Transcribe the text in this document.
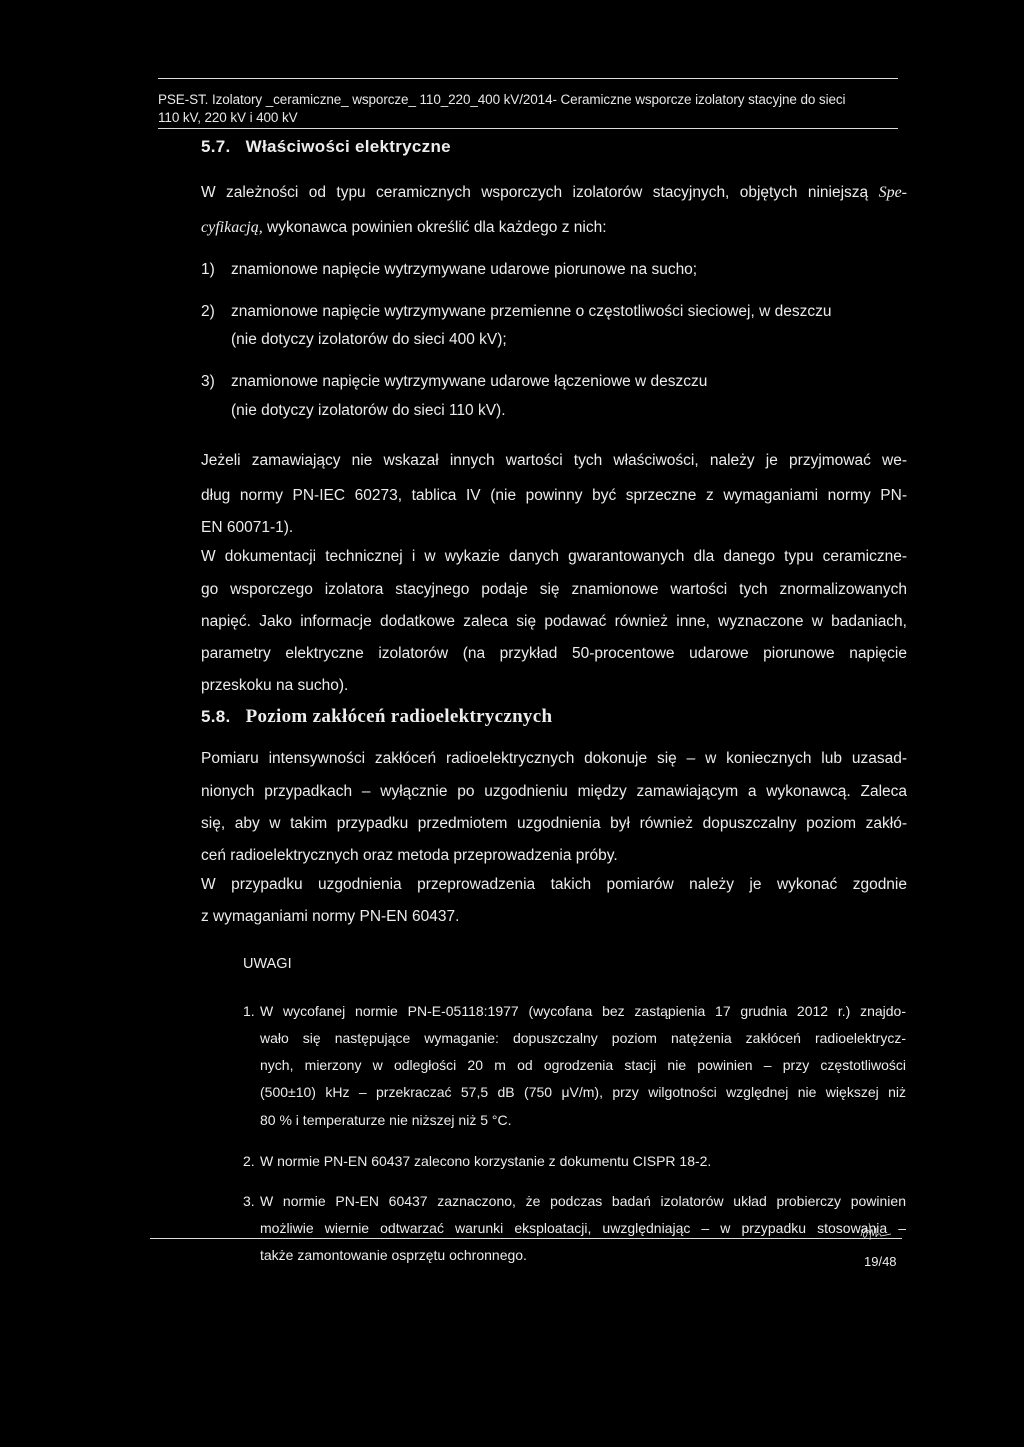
PSE-ST. Izolatory _ceramiczne_ wsporcze_ 110_220_400 kV/2014- Ceramiczne wsporcze izolatory stacyjne do sieci
110 kV, 220 kV i 400 kV
5.7. Właściwości elektryczne
W zależności od typu ceramicznych wsporczych izolatorów stacyjnych, objętych niniejszą Spe-
cyfikacją, wykonawca powinien określić dla każdego z nich:
1) znamionowe napięcie wytrzymywane udarowe piorunowe na sucho;
2) znamionowe napięcie wytrzymywane przemienne o częstotliwości sieciowej, w deszczu
(nie dotyczy izolatorów do sieci 400 kV);
3) znamionowe napięcie wytrzymywane udarowe łączeniowe w deszczu
(nie dotyczy izolatorów do sieci 110 kV).
Jeżeli zamawiający nie wskazał innych wartości tych właściwości, należy je przyjmować we-
dług normy PN-IEC 60273, tablica IV (nie powinny być sprzeczne z wymaganiami normy PN-
EN 60071-1).
W dokumentacji technicznej i w wykazie danych gwarantowanych dla danego typu ceramiczne-
go wsporczego izolatora stacyjnego podaje się znamionowe wartości tych znormalizowanych
napięć. Jako informacje dodatkowe zaleca się podawać również inne, wyznaczone w badaniach,
parametry elektryczne izolatorów (na przykład 50-procentowe udarowe piorunowe napięcie
przeskoku na sucho).
5.8. Poziom zakłóceń radioelektrycznych
Pomiaru intensywności zakłóceń radioelektrycznych dokonuje się – w koniecznych lub uzasad-
nionych przypadkach – wyłącznie po uzgodnieniu między zamawiającym a wykonawcą. Zaleca
się, aby w takim przypadku przedmiotem uzgodnienia był również dopuszczalny poziom zakłó-
ceń radioelektrycznych oraz metoda przeprowadzenia próby.
W przypadku uzgodnienia przeprowadzenia takich pomiarów należy je wykonać zgodnie
z wymaganiami normy PN-EN 60437.
UWAGI
1. W wycofanej normie PN-E-05118:1977 (wycofana bez zastąpienia 17 grudnia 2012 r.) znajdo-
wało się następujące wymaganie: dopuszczalny poziom natężenia zakłóceń radioelektrycz-
nych, mierzony w odległości 20 m od ogrodzenia stacji nie powinien – przy częstotliwości
(500±10) kHz – przekraczać 57,5 dB (750 μV/m), przy wilgotności względnej nie większej niż
80 % i temperaturze nie niższej niż 5 °C.
2. W normie PN-EN 60437 zalecono korzystanie z dokumentu CISPR 18-2.
3. W normie PN-EN 60437 zaznaczono, że podczas badań izolatorów układ probierczy powinien
możliwie wiernie odtwarzać warunki eksploatacji, uwzględniając – w przypadku stosowania –
także zamontowanie osprzętu ochronnego.	19/48
